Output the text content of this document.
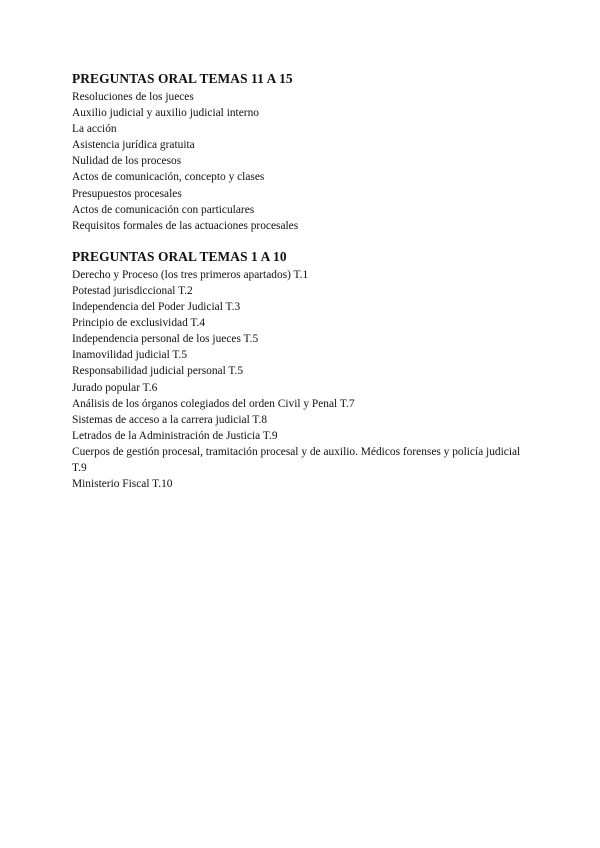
PREGUNTAS ORAL TEMAS 11 A 15
Resoluciones de los jueces
Auxilio judicial y auxilio judicial interno
La acción
Asistencia jurídica gratuita
Nulidad de los procesos
Actos de comunicación, concepto y clases
Presupuestos procesales
Actos de comunicación con particulares
Requisitos formales de las actuaciones procesales
PREGUNTAS ORAL TEMAS 1 A 10
Derecho y Proceso (los tres primeros apartados) T.1
Potestad jurisdiccional T.2
Independencia del Poder Judicial T.3
Principio de exclusividad T.4
Independencia personal de los jueces T.5
Inamovilidad judicial T.5
Responsabilidad judicial personal T.5
Jurado popular T.6
Análisis de los órganos colegiados del orden Civil y Penal T.7
Sistemas de acceso a la carrera judicial T.8
Letrados de la Administración de Justicia T.9
Cuerpos de gestión procesal, tramitación procesal y de auxilio. Médicos forenses y policía judicial T.9
Ministerio Fiscal T.10
